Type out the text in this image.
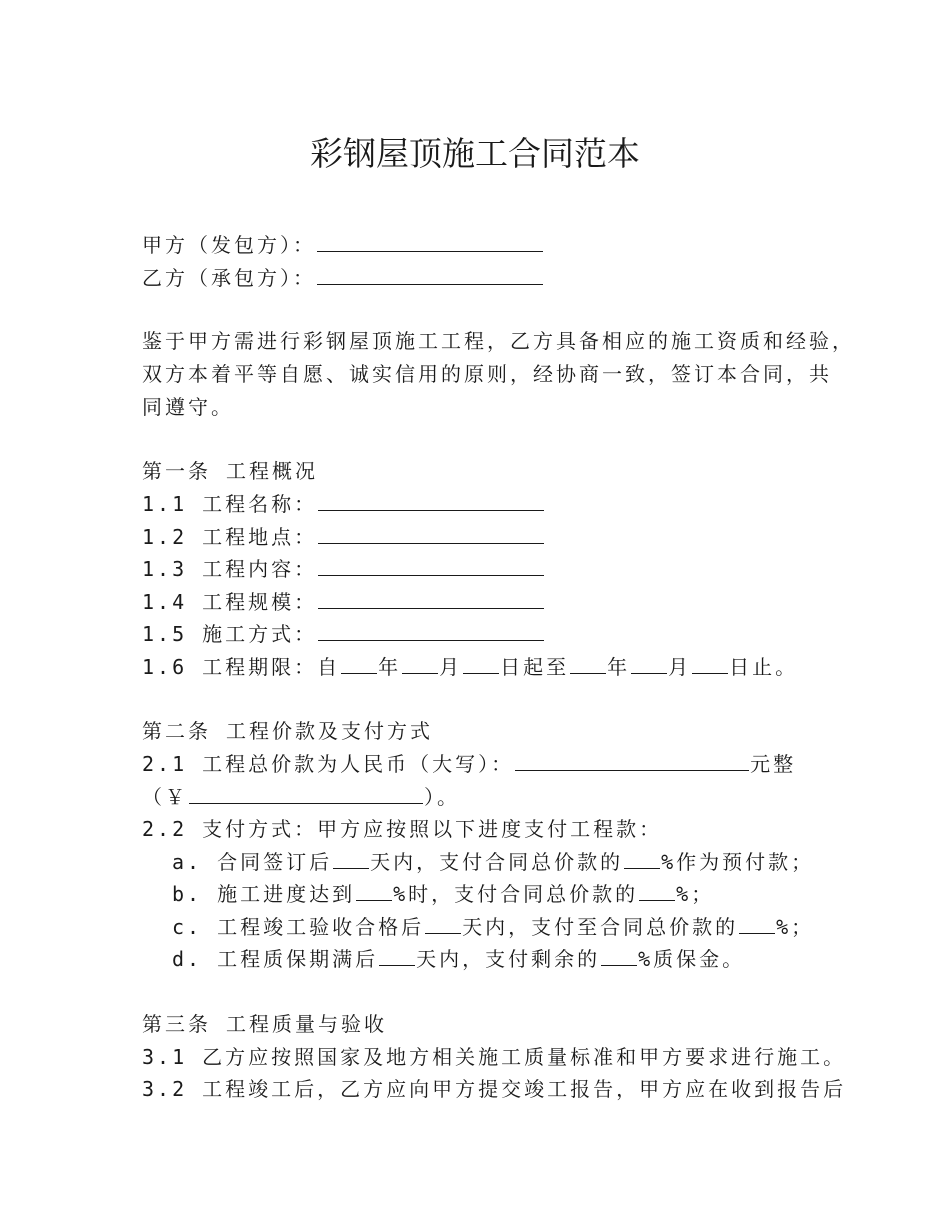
彩钢屋顶施工合同范本
甲方（发包方）：
乙方（承包方）：
鉴于甲方需进行彩钢屋顶施工工程，乙方具备相应的施工资质和经验，
双方本着平等自愿、诚实信用的原则，经协商一致，签订本合同，共
同遵守。
第一条 工程概况
1.1 工程名称：
1.2 工程地点：
1.3 工程内容：
1.4 工程规模：
1.5 施工方式：
1.6 工程期限：自 年 月 日起至 年 月 日止。
第二条 工程价款及支付方式
2.1 工程总价款为人民币（大写）：	元整
（￥	）。
2.2 支付方式：甲方应按照以下进度支付工程款：
a. 合同签订后 天内，支付合同总价款的 %作为预付款；
b. 施工进度达到 %时，支付合同总价款的 %；
c. 工程竣工验收合格后 天内，支付至合同总价款的 %；
d. 工程质保期满后 天内，支付剩余的 %质保金。
第三条 工程质量与验收
3.1 乙方应按照国家及地方相关施工质量标准和甲方要求进行施工。
3.2 工程竣工后，乙方应向甲方提交竣工报告，甲方应在收到报告后
